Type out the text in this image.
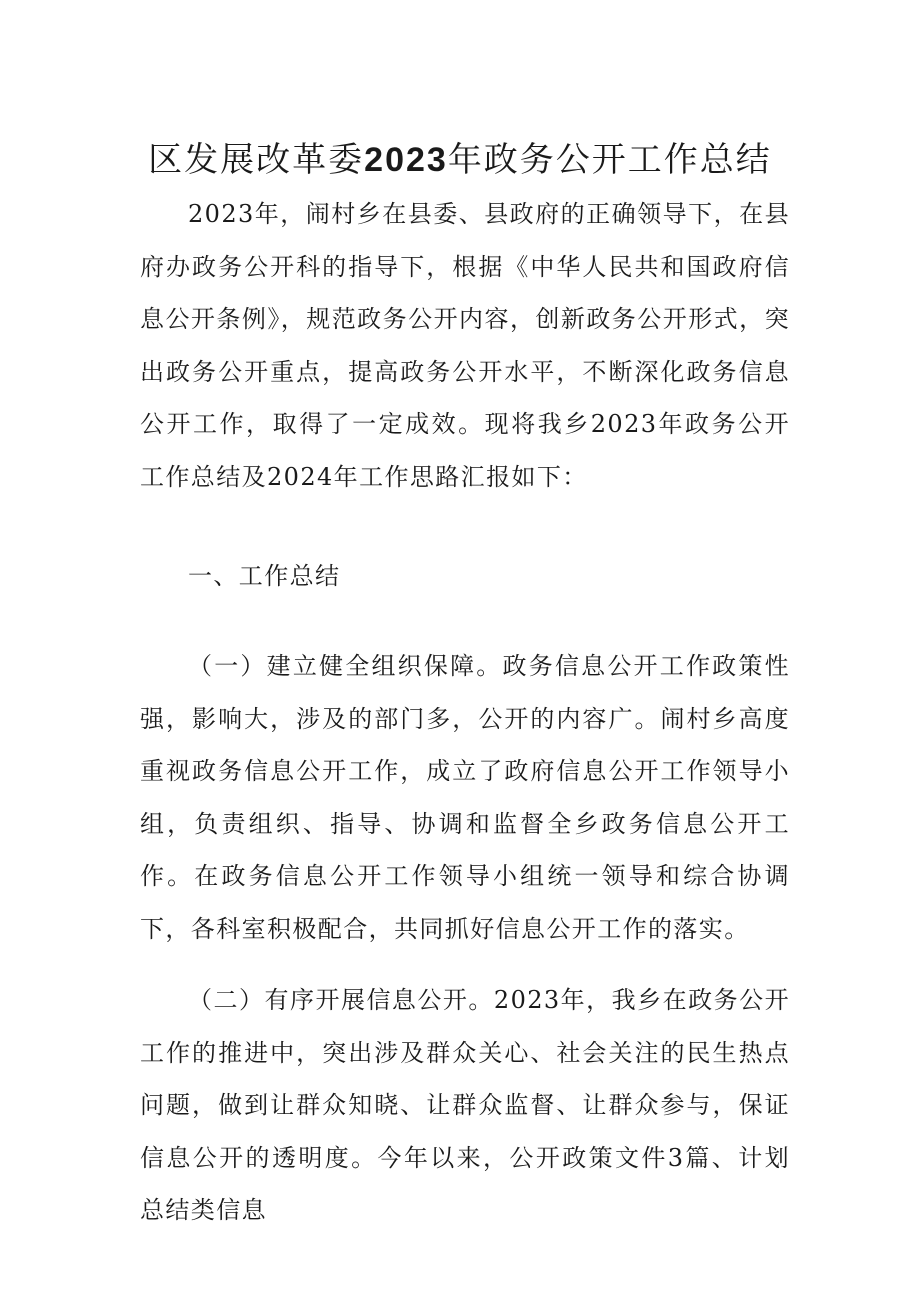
区发展改革委2023年政务公开工作总结

2023年，闹村乡在县委、县政府的正确领导下，在县府办政务公开科的指导下，根据《中华人民共和国政府信息公开条例》，规范政务公开内容，创新政务公开形式，突出政务公开重点，提高政务公开水平，不断深化政务信息公开工作，取得了一定成效。现将我乡2023年政务公开工作总结及2024年工作思路汇报如下：

一、工作总结

（一）建立健全组织保障。政务信息公开工作政策性强，影响大，涉及的部门多，公开的内容广。闹村乡高度重视政务信息公开工作，成立了政府信息公开工作领导小组，负责组织、指导、协调和监督全乡政务信息公开工作。在政务信息公开工作领导小组统一领导和综合协调下，各科室积极配合，共同抓好信息公开工作的落实。

（二）有序开展信息公开。2023年，我乡在政务公开工作的推进中，突出涉及群众关心、社会关注的民生热点问题，做到让群众知晓、让群众监督、让群众参与，保证信息公开的透明度。今年以来，公开政策文件3篇、计划总结类信息
